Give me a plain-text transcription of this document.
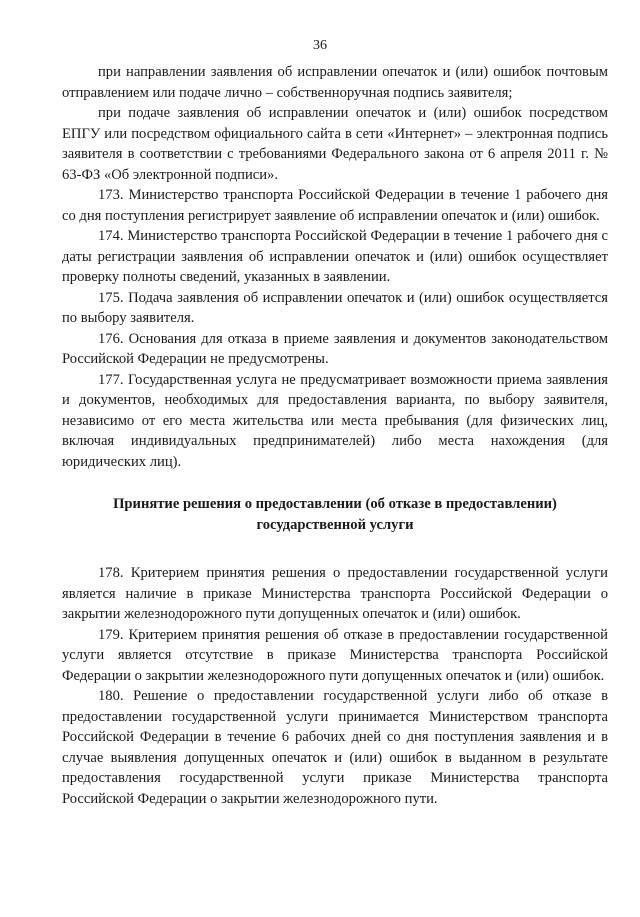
36

при направлении заявления об исправлении опечаток и (или) ошибок почтовым отправлением или подаче лично – собственноручная подпись заявителя;

при подаче заявления об исправлении опечаток и (или) ошибок посредством ЕПГУ или посредством официального сайта в сети «Интернет» – электронная подпись заявителя в соответствии с требованиями Федерального закона от 6 апреля 2011 г. № 63-ФЗ «Об электронной подписи».

173. Министерство транспорта Российской Федерации в течение 1 рабочего дня со дня поступления регистрирует заявление об исправлении опечаток и (или) ошибок.

174. Министерство транспорта Российской Федерации в течение 1 рабочего дня с даты регистрации заявления об исправлении опечаток и (или) ошибок осуществляет проверку полноты сведений, указанных в заявлении.

175. Подача заявления об исправлении опечаток и (или) ошибок осуществляется по выбору заявителя.

176. Основания для отказа в приеме заявления и документов законодательством Российской Федерации не предусмотрены.

177. Государственная услуга не предусматривает возможности приема заявления и документов, необходимых для предоставления варианта, по выбору заявителя, независимо от его места жительства или места пребывания (для физических лиц, включая индивидуальных предпринимателей) либо места нахождения (для юридических лиц).

Принятие решения о предоставлении (об отказе в предоставлении)
государственной услуги

178. Критерием принятия решения о предоставлении государственной услуги является наличие в приказе Министерства транспорта Российской Федерации о закрытии железнодорожного пути допущенных опечаток и (или) ошибок.

179. Критерием принятия решения об отказе в предоставлении государственной услуги является отсутствие в приказе Министерства транспорта Российской Федерации о закрытии железнодорожного пути допущенных опечаток и (или) ошибок.

180. Решение о предоставлении государственной услуги либо об отказе в предоставлении государственной услуги принимается Министерством транспорта Российской Федерации в течение 6 рабочих дней со дня поступления заявления и в случае выявления допущенных опечаток и (или) ошибок в выданном в результате предоставления государственной услуги приказе Министерства транспорта Российской Федерации о закрытии железнодорожного пути.
